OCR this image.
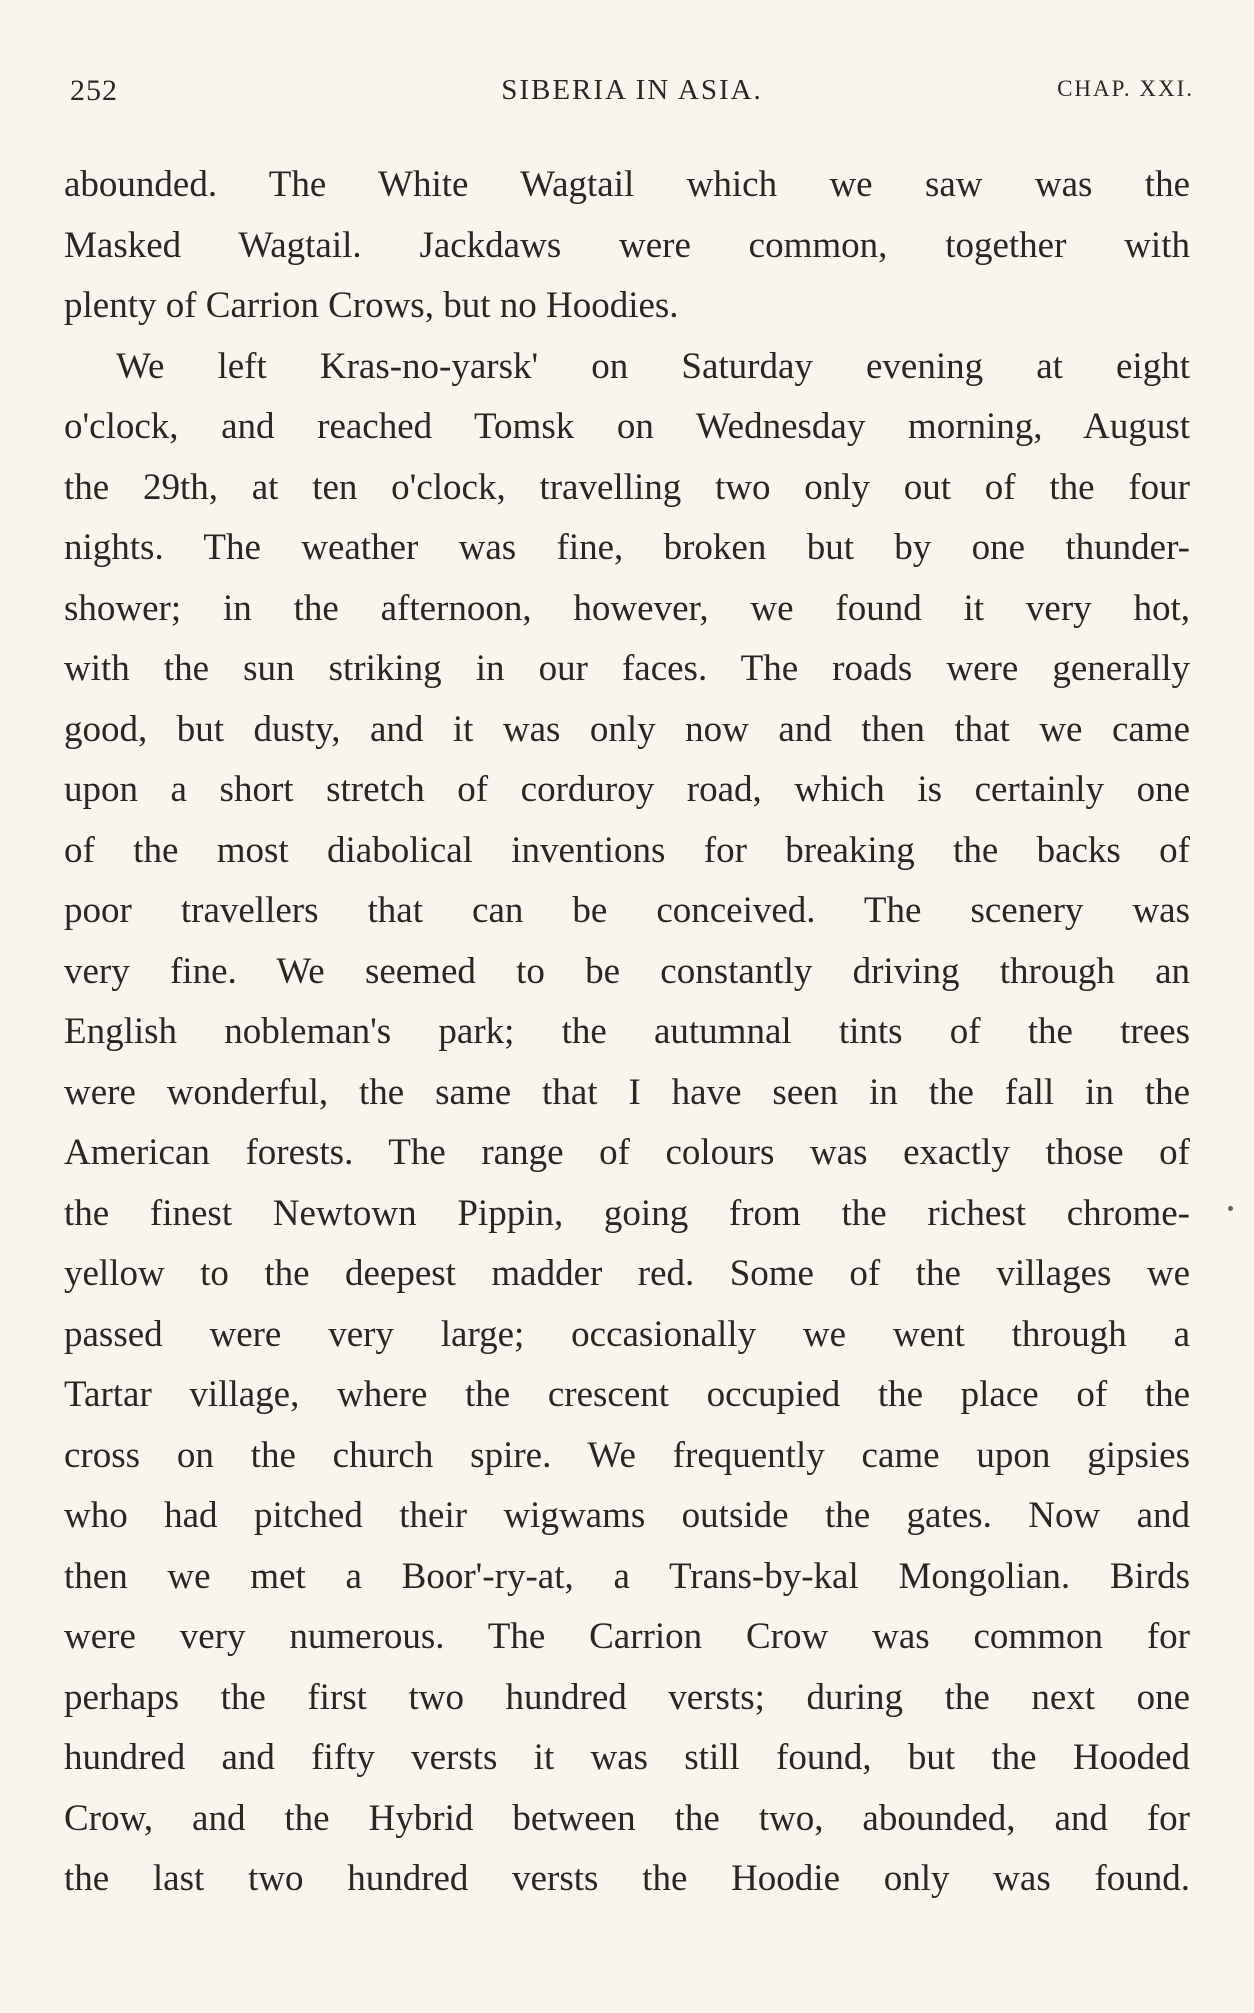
252	SIBERIA IN ASIA.	CHAP. XXI.
abounded. The White Wagtail which we saw was the
Masked Wagtail. Jackdaws were common, together with
plenty of Carrion Crows, but no Hoodies.
We left Kras-no-yarsk' on Saturday evening at eight
o'clock, and reached Tomsk on Wednesday morning, August
the 29th, at ten o'clock, travelling two only out of the four
nights. The weather was fine, broken but by one thunder-
shower; in the afternoon, however, we found it very hot,
with the sun striking in our faces. The roads were generally
good, but dusty, and it was only now and then that we came
upon a short stretch of corduroy road, which is certainly one
of the most diabolical inventions for breaking the backs of
poor travellers that can be conceived. The scenery was
very fine. We seemed to be constantly driving through an
English nobleman's park; the autumnal tints of the trees
were wonderful, the same that I have seen in the fall in the
American forests. The range of colours was exactly those of
the finest Newtown Pippin, going from the richest chrome-
yellow to the deepest madder red. Some of the villages we
passed were very large; occasionally we went through a
Tartar village, where the crescent occupied the place of the
cross on the church spire. We frequently came upon gipsies
who had pitched their wigwams outside the gates. Now and
then we met a Boor'-ry-at, a Trans-by-kal Mongolian. Birds
were very numerous. The Carrion Crow was common for
perhaps the first two hundred versts; during the next one
hundred and fifty versts it was still found, but the Hooded
Crow, and the Hybrid between the two, abounded, and for
the last two hundred versts the Hoodie only was found.
